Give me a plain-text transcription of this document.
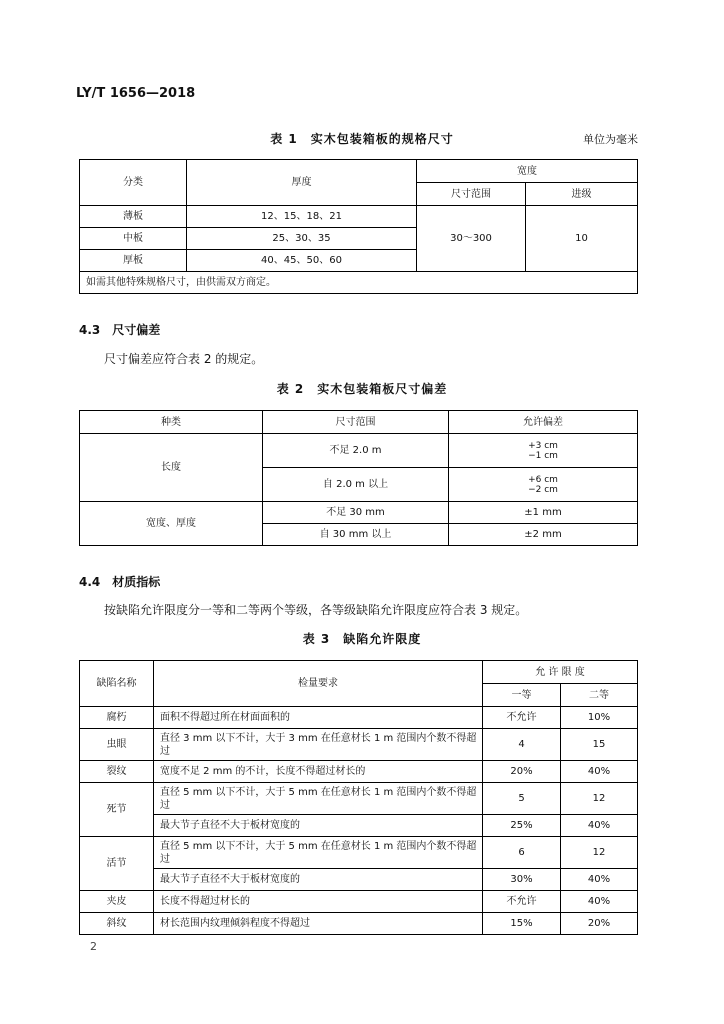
LY/T 1656—2018
表 1　实木包装箱板的规格尺寸	单位为毫米
分类	厚度	宽度	
		尺寸范围	进级
薄板	12、15、18、21	30～300	10
中板	25、30、35		
厚板	40、45、50、60		
如需其他特殊规格尺寸，由供需双方商定。			
4.3　尺寸偏差
尺寸偏差应符合表 2 的规定。
表 2　实木包装箱板尺寸偏差
种类	尺寸范围	允许偏差
长度	不足 2.0 m	+3 cm
−1 cm

	自 2.0 m 以上	+6 cm
−2 cm

宽度、厚度	不足 30 mm	±1 mm
	自 30 mm 以上	±2 mm
4.4　材质指标
按缺陷允许限度分一等和二等两个等级，各等级缺陷允许限度应符合表 3 规定。
表 3　缺陷允许限度
缺陷名称	检量要求	允 许 限 度	
		一等	二等
腐朽	面积不得超过所在材面面积的	不允许	10%
虫眼	直径 3 mm 以下不计，大于 3 mm 在任意材长 1 m 范围内个数不得超过	4	15
裂纹	宽度不足 2 mm 的不计，长度不得超过材长的	20%	40%
死节	直径 5 mm 以下不计，大于 5 mm 在任意材长 1 m 范围内个数不得超过	5	12
	最大节子直径不大于板材宽度的	25%	40%
活节	直径 5 mm 以下不计，大于 5 mm 在任意材长 1 m 范围内个数不得超过	6	12
	最大节子直径不大于板材宽度的	30%	40%
夹皮	长度不得超过材长的	不允许	40%
斜纹	材长范围内纹理倾斜程度不得超过	15%	20%
2
